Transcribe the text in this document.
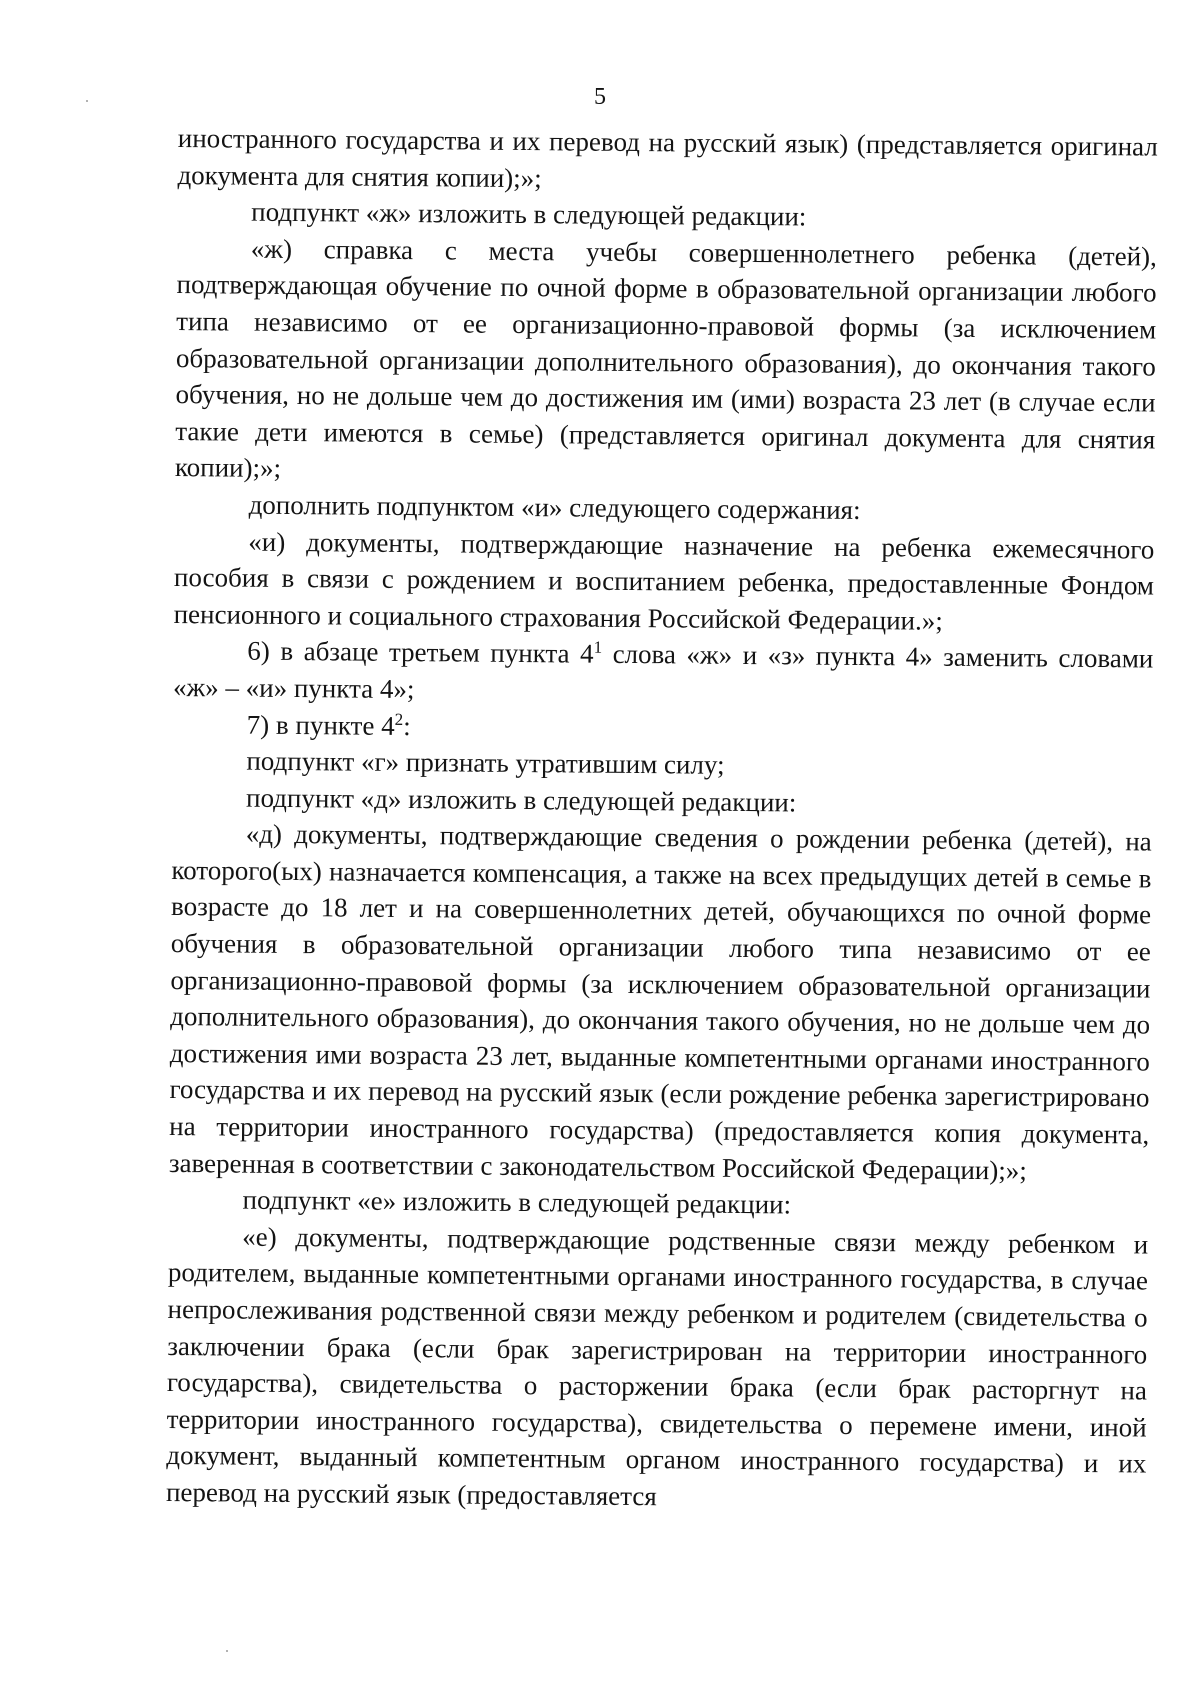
5

иностранного государства и их перевод на русский язык) (представляется оригинал документа для снятия копии);»;

подпункт «ж» изложить в следующей редакции:

«ж) справка с места учебы совершеннолетнего ребенка (детей), подтверждающая обучение по очной форме в образовательной организации любого типа независимо от ее организационно-правовой формы (за исключением образовательной организации дополнительного образования), до окончания такого обучения, но не дольше чем до достижения им (ими) возраста 23 лет (в случае если такие дети имеются в семье) (представляется оригинал документа для снятия копии);»;

дополнить подпунктом «и» следующего содержания:

«и) документы, подтверждающие назначение на ребенка ежемесячного пособия в связи с рождением и воспитанием ребенка, предоставленные Фондом пенсионного и социального страхования Российской Федерации.»;

6) в абзаце третьем пункта $4^1$ слова «ж» и «з» пункта 4» заменить словами «ж» – «и» пункта 4»;

7) в пункте $4^2$:

подпункт «г» признать утратившим силу;

подпункт «д» изложить в следующей редакции:

«д) документы, подтверждающие сведения о рождении ребенка (детей), на которого(ых) назначается компенсация, а также на всех предыдущих детей в семье в возрасте до 18 лет и на совершеннолетних детей, обучающихся по очной форме обучения в образовательной организации любого типа независимо от ее организационно-правовой формы (за исключением образовательной организации дополнительного образования), до окончания такого обучения, но не дольше чем до достижения ими возраста 23 лет, выданные компетентными органами иностранного государства и их перевод на русский язык (если рождение ребенка зарегистрировано на территории иностранного государства) (предоставляется копия документа, заверенная в соответствии с законодательством Российской Федерации);»;

подпункт «е» изложить в следующей редакции:

«е) документы, подтверждающие родственные связи между ребенком и родителем, выданные компетентными органами иностранного государства, в случае непрослеживания родственной связи между ребенком и родителем (свидетельства о заключении брака (если брак зарегистрирован на территории иностранного государства), свидетельства о расторжении брака (если брак расторгнут на территории иностранного государства), свидетельства о перемене имени, иной документ, выданный компетентным органом иностранного государства) и их перевод на русский язык (предоставляется
